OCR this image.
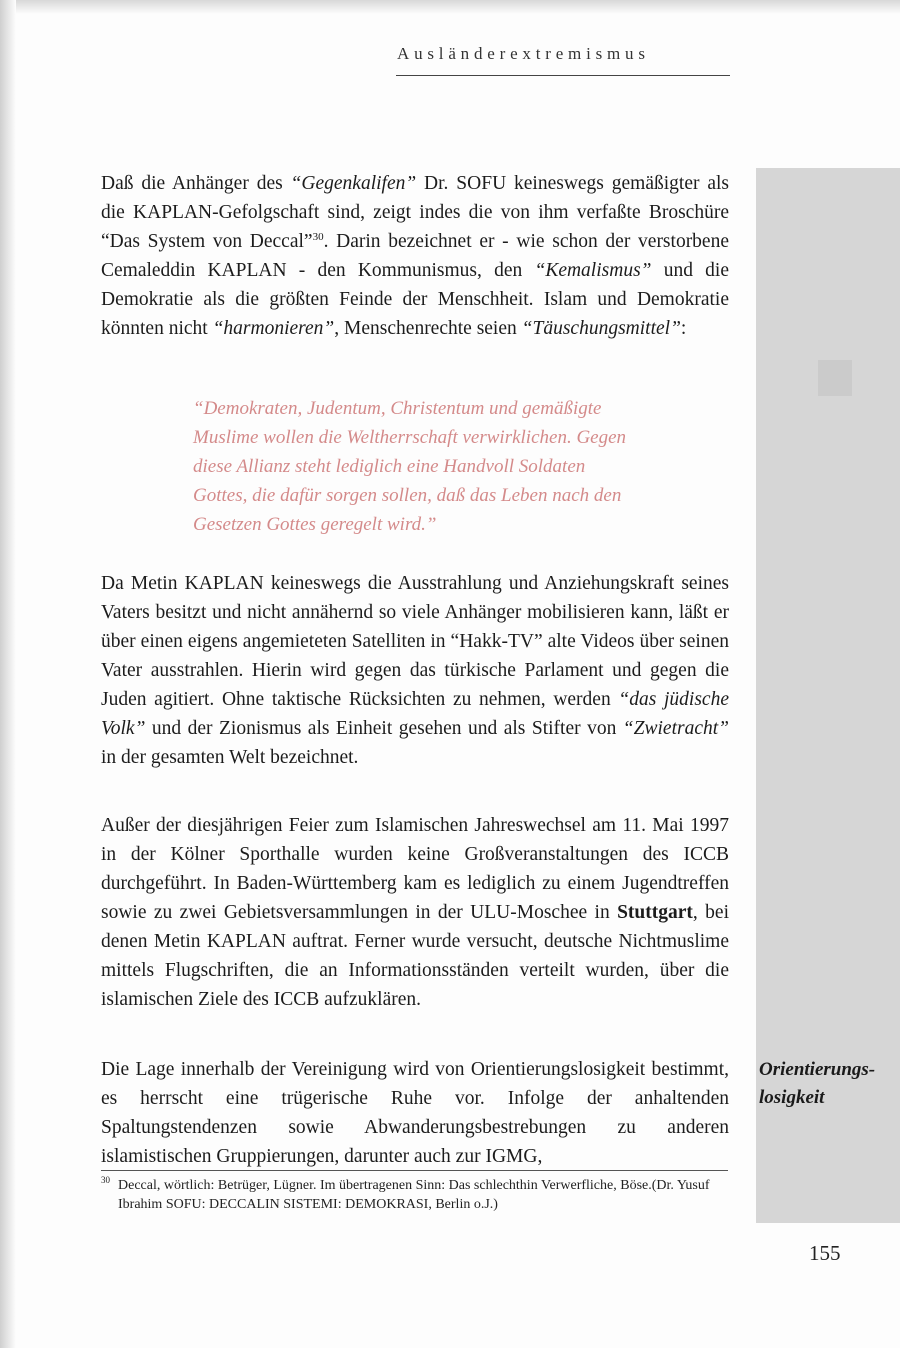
Ausländerextremismus

Daß die Anhänger des “Gegenkalifen” Dr. SOFU keineswegs gemäßigter als die KAPLAN-Gefolgschaft sind, zeigt indes die von ihm verfaßte Broschüre “Das System von Deccal”$^{30}$. Darin bezeichnet er - wie schon der verstorbene Cemaleddin KAPLAN - den Kommunismus, den “Kemalismus” und die Demokratie als die größten Feinde der Menschheit. Islam und Demokratie könnten nicht “harmonieren”, Menschenrechte seien “Täuschungsmittel”:

“Demokraten, Judentum, Christentum und gemäßigte Muslime wollen die Weltherrschaft verwirklichen. Gegen diese Allianz steht lediglich eine Handvoll Soldaten Gottes, die dafür sorgen sollen, daß das Leben nach den Gesetzen Gottes geregelt wird.”

Da Metin KAPLAN keineswegs die Ausstrahlung und Anziehungskraft seines Vaters besitzt und nicht annähernd so viele Anhänger mobilisieren kann, läßt er über einen eigens angemieteten Satelliten in “Hakk-TV” alte Videos über seinen Vater ausstrahlen. Hierin wird gegen das türkische Parlament und gegen die Juden agitiert. Ohne taktische Rücksichten zu nehmen, werden “das jüdische Volk” und der Zionismus als Einheit gesehen und als Stifter von “Zwietracht” in der gesamten Welt bezeichnet.

Außer der diesjährigen Feier zum Islamischen Jahreswechsel am 11. Mai 1997 in der Kölner Sporthalle wurden keine Großveranstaltungen des ICCB durchgeführt. In Baden-Württemberg kam es lediglich zu einem Jugendtreffen sowie zu zwei Gebietsversammlungen in der ULU-Moschee in Stuttgart, bei denen Metin KAPLAN auftrat. Ferner wurde versucht, deutsche Nichtmuslime mittels Flugschriften, die an Informationsständen verteilt wurden, über die islamischen Ziele des ICCB aufzuklären.

Die Lage innerhalb der Vereinigung wird von Orientierungslosigkeit bestimmt, es herrscht eine trügerische Ruhe vor. Infolge der anhaltenden Spaltungstendenzen sowie Abwanderungsbestrebungen zu anderen islamistischen Gruppierungen, darunter auch zur IGMG,

Orientierungs-
losigkeit

30 Deccal, wörtlich: Betrüger, Lügner. Im übertragenen Sinn: Das schlechthin Verwerfliche, Böse.(Dr. Yusuf Ibrahim SOFU: DECCALIN SISTEMI: DEMOKRASI, Berlin o.J.)

155
